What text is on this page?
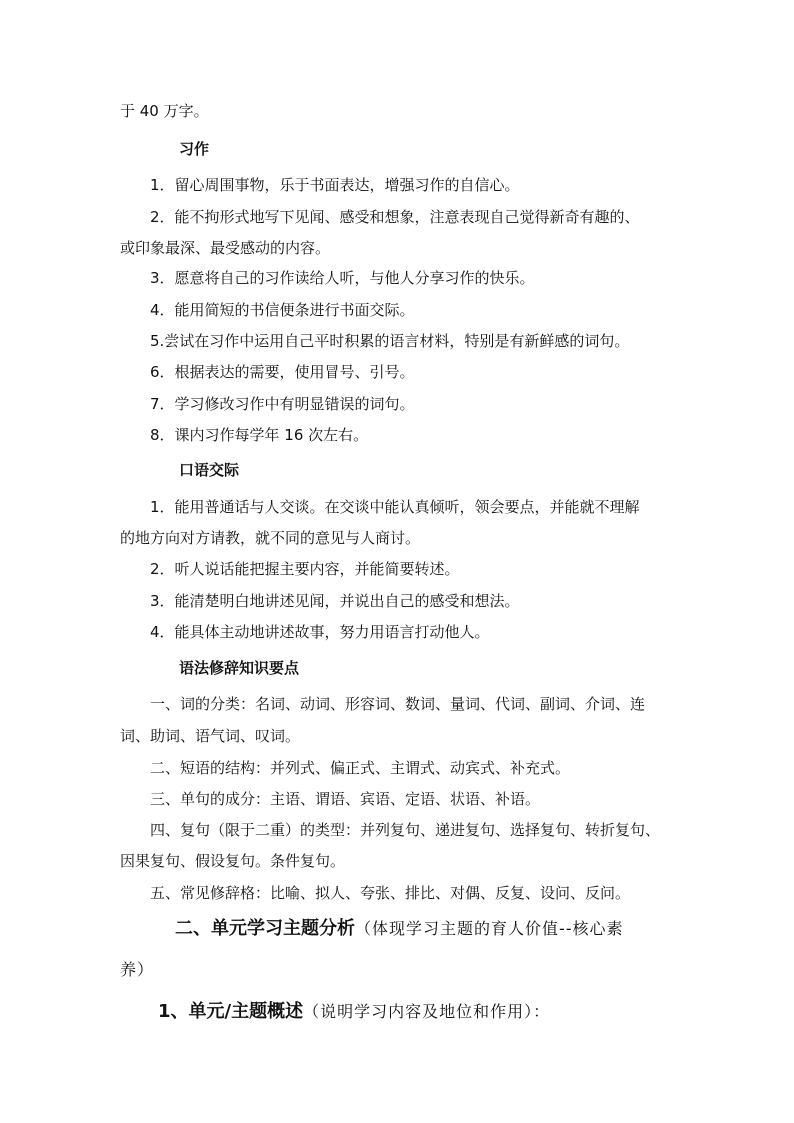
于 40 万字。
习作
1．留心周围事物，乐于书面表达，增强习作的自信心。
2．能不拘形式地写下见闻、感受和想象，注意表现自己觉得新奇有趣的、
或印象最深、最受感动的内容。
3．愿意将自己的习作读给人听，与他人分享习作的快乐。
4．能用简短的书信便条进行书面交际。
5.尝试在习作中运用自己平时积累的语言材料，特别是有新鲜感的词句。
6．根据表达的需要，使用冒号、引号。
7．学习修改习作中有明显错误的词句。
8．课内习作每学年 16 次左右。
口语交际
1．能用普通话与人交谈。在交谈中能认真倾听，领会要点，并能就不理解
的地方向对方请教，就不同的意见与人商讨。
2．听人说话能把握主要内容，并能简要转述。
3．能清楚明白地讲述见闻，并说出自己的感受和想法。
4．能具体主动地讲述故事，努力用语言打动他人。
语法修辞知识要点
一、词的分类：名词、动词、形容词、数词、量词、代词、副词、介词、连
词、助词、语气词、叹词。
二、短语的结构：并列式、偏正式、主谓式、动宾式、补充式。
三、单句的成分：主语、谓语、宾语、定语、状语、补语。
四、复句（限于二重）的类型：并列复句、递进复句、选择复句、转折复句、
因果复句、假设复句。条件复句。
五、常见修辞格：比喻、拟人、夸张、排比、对偶、反复、设问、反问。
二、单元学习主题分析（体现学习主题的育人价值--核心素
养）
1、单元/主题概述（说明学习内容及地位和作用）：
